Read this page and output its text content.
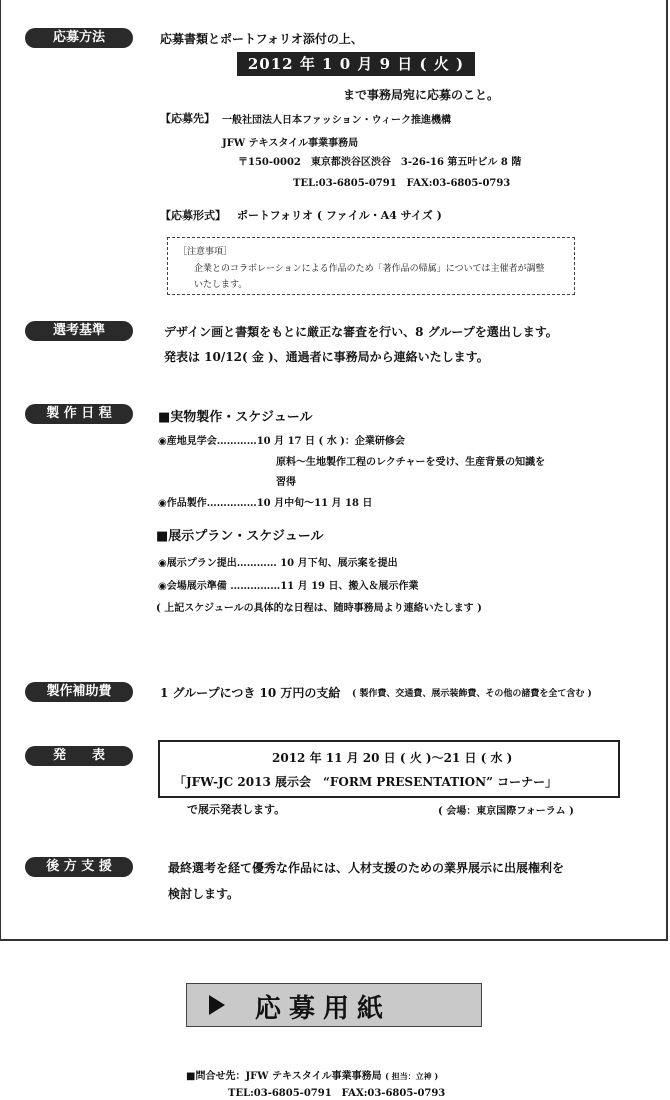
応募方法	応募書類とポートフォリオ添付の上、
2012 年 1 0 月 9 日 ( 火 )
まで事務局宛に応募のこと。
【応募先】 一般社団法人日本ファッション・ウィーク推進機構
JFW テキスタイル事業事務局
〒150-0002　東京都渋谷区渋谷　3-26-16 第五叶ビル 8 階
TEL:03-6805-0791　FAX:03-6805-0793
【応募形式】 ポートフォリオ ( ファイル・A4 サイズ )
［注意事項］
企業とのコラボレーションによる作品のため「著作品の帰属」については主催者が調整
いたします。
選考基準	デザイン画と書類をもとに厳正な審査を行い、8 グループを選出します。
発表は 10/12( 金 )、通過者に事務局から連絡いたします。
製 作 日 程	■実物製作・スケジュール
◉産地見学会…………10 月 17 日 ( 水 )：企業研修会
原料～生地製作工程のレクチャーを受け、生産背景の知識を
習得
◉作品製作……………10 月中旬～11 月 18 日
■展示プラン・スケジュール
◉展示プラン提出………… 10 月下旬、展示案を提出
◉会場展示準備 ……………11 月 19 日、搬入＆展示作業
( 上記スケジュールの具体的な日程は、随時事務局より連絡いたします )
製作補助費	1 グループにつき 10 万円の支給 ( 製作費、交通費、展示装飾費、その他の諸費を全て含む )
発　　表	2012 年 11 月 20 日 ( 火 )～21 日 ( 水 )
「JFW-JC 2013 展示会　“FORM PRESENTATION” コーナー」
で展示発表します。	( 会場：東京国際フォーラム )
後 方 支 援	最終選考を経て優秀な作品には、人材支援のための業界展示に出展権利を
検討します。
応募用紙
■問合せ先：JFW テキスタイル事業事務局 ( 担当：立神 )
TEL:03-6805-0791　FAX:03-6805-0793
